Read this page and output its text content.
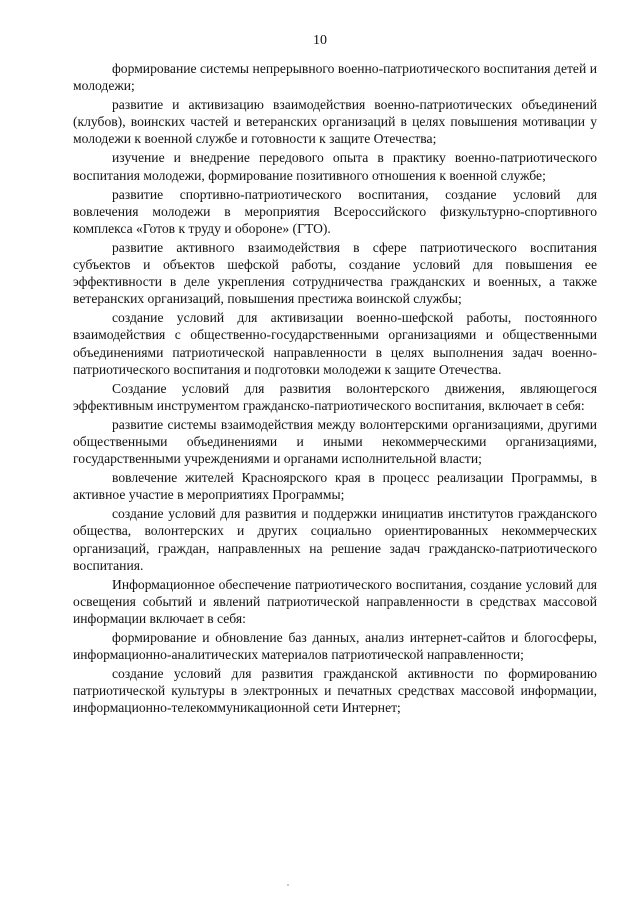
10

формирование системы непрерывного военно-патриотического воспитания детей и молодежи;

развитие и активизацию взаимодействия военно-патриотических объединений (клубов), воинских частей и ветеранских организаций в целях повышения мотивации у молодежи к военной службе и готовности к защите Отечества;

изучение и внедрение передового опыта в практику военно-патриотического воспитания молодежи, формирование позитивного отношения к военной службе;

развитие спортивно-патриотического воспитания, создание условий для вовлечения молодежи в мероприятия Всероссийского физкультурно-спортивного комплекса «Готов к труду и обороне» (ГТО).

развитие активного взаимодействия в сфере патриотического воспитания субъектов и объектов шефской работы, создание условий для повышения ее эффективности в деле укрепления сотрудничества гражданских и военных, а также ветеранских организаций, повышения престижа воинской службы;

создание условий для активизации военно-шефской работы, постоянного взаимодействия с общественно-государственными организациями и общественными объединениями патриотической направленности в целях выполнения задач военно-патриотического воспитания и подготовки молодежи к защите Отечества.

Создание условий для развития волонтерского движения, являющегося эффективным инструментом гражданско-патриотического воспитания, включает в себя:

развитие системы взаимодействия между волонтерскими организациями, другими общественными объединениями и иными некоммерческими организациями, государственными учреждениями и органами исполнительной власти;

вовлечение жителей Красноярского края в процесс реализации Программы, в активное участие в мероприятиях Программы;

создание условий для развития и поддержки инициатив институтов гражданского общества, волонтерских и других социально ориентированных некоммерческих организаций, граждан, направленных на решение задач гражданско-патриотического воспитания.

Информационное обеспечение патриотического воспитания, создание условий для освещения событий и явлений патриотической направленности в средствах массовой информации включает в себя:

формирование и обновление баз данных, анализ интернет-сайтов и блогосферы, информационно-аналитических материалов патриотической направленности;

создание условий для развития гражданской активности по формированию патриотической культуры в электронных и печатных средствах массовой информации, информационно-телекоммуникационной сети Интернет;
